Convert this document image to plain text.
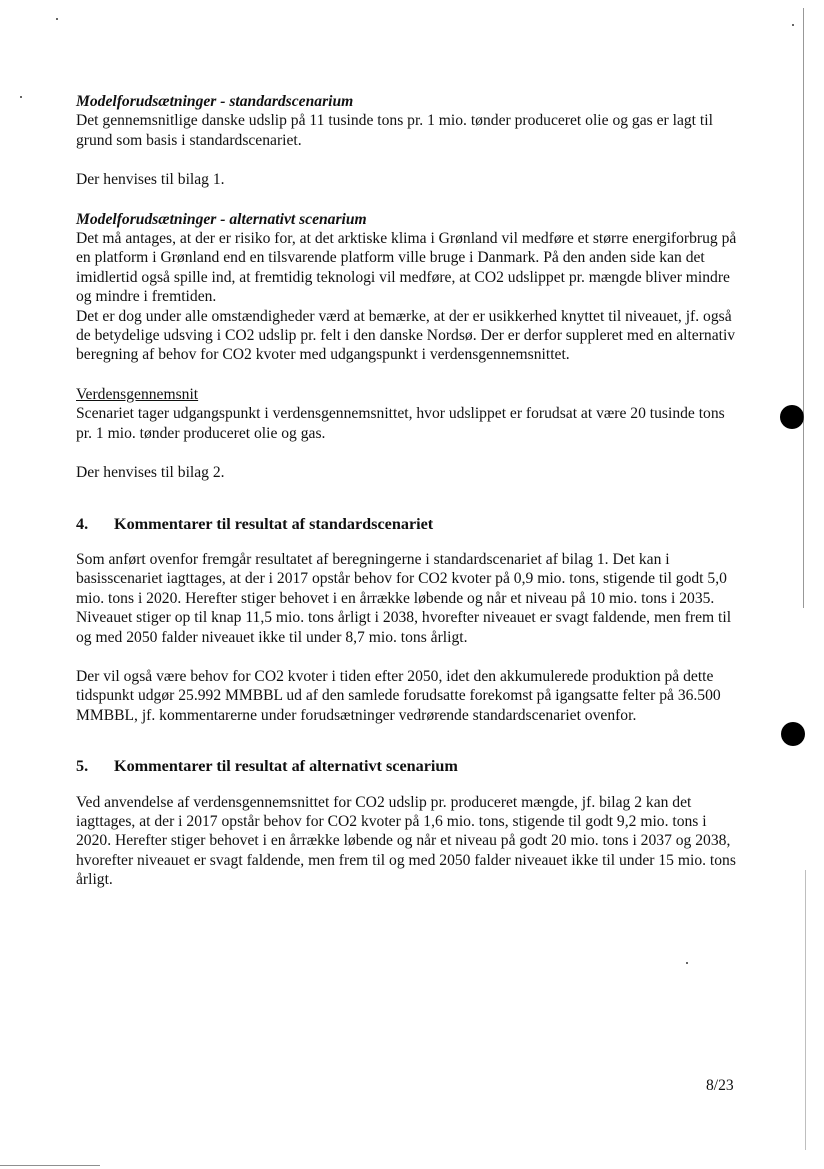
Modelforudsætninger - standardscenarium

Det gennemsnitlige danske udslip på 11 tusinde tons pr. 1 mio. tønder produceret olie og gas er lagt til grund som basis i standardscenariet.

Der henvises til bilag 1.

Modelforudsætninger - alternativt scenarium

Det må antages, at der er risiko for, at det arktiske klima i Grønland vil medføre et større energiforbrug på en platform i Grønland end en tilsvarende platform ville bruge i Danmark. På den anden side kan det imidlertid også spille ind, at fremtidig teknologi vil medføre, at CO2 udslippet pr. mængde bliver mindre og mindre i fremtiden.

Det er dog under alle omstændigheder værd at bemærke, at der er usikkerhed knyttet til niveauet, jf. også de betydelige udsving i CO2 udslip pr. felt i den danske Nordsø. Der er derfor suppleret med en alternativ beregning af behov for CO2 kvoter med udgangspunkt i verdensgennemsnittet.

Verdensgennemsnit

Scenariet tager udgangspunkt i verdensgennemsnittet, hvor udslippet er forudsat at være 20 tusinde tons pr. 1 mio. tønder produceret olie og gas.

Der henvises til bilag 2.

4.	Kommentarer til resultat af standardscenariet

Som anført ovenfor fremgår resultatet af beregningerne i standardscenariet af bilag 1. Det kan i basisscenariet iagttages, at der i 2017 opstår behov for CO2 kvoter på 0,9 mio. tons, stigende til godt 5,0 mio. tons i 2020. Herefter stiger behovet i en årrække løbende og når et niveau på 10 mio. tons i 2035. Niveauet stiger op til knap 11,5 mio. tons årligt i 2038, hvorefter niveauet er svagt faldende, men frem til og med 2050 falder niveauet ikke til under 8,7 mio. tons årligt.

Der vil også være behov for CO2 kvoter i tiden efter 2050, idet den akkumulerede produktion på dette tidspunkt udgør 25.992 MMBBL ud af den samlede forudsatte forekomst på igangsatte felter på 36.500 MMBBL, jf. kommentarerne under forudsætninger vedrørende standardscenariet ovenfor.

5.	Kommentarer til resultat af alternativt scenarium

Ved anvendelse af verdensgennemsnittet for CO2 udslip pr. produceret mængde, jf. bilag 2 kan det iagttages, at der i 2017 opstår behov for CO2 kvoter på 1,6 mio. tons, stigende til godt 9,2 mio. tons i 2020. Herefter stiger behovet i en årrække løbende og når et niveau på godt 20 mio. tons i 2037 og 2038, hvorefter niveauet er svagt faldende, men frem til og med 2050 falder niveauet ikke til under 15 mio. tons årligt.

8/23
